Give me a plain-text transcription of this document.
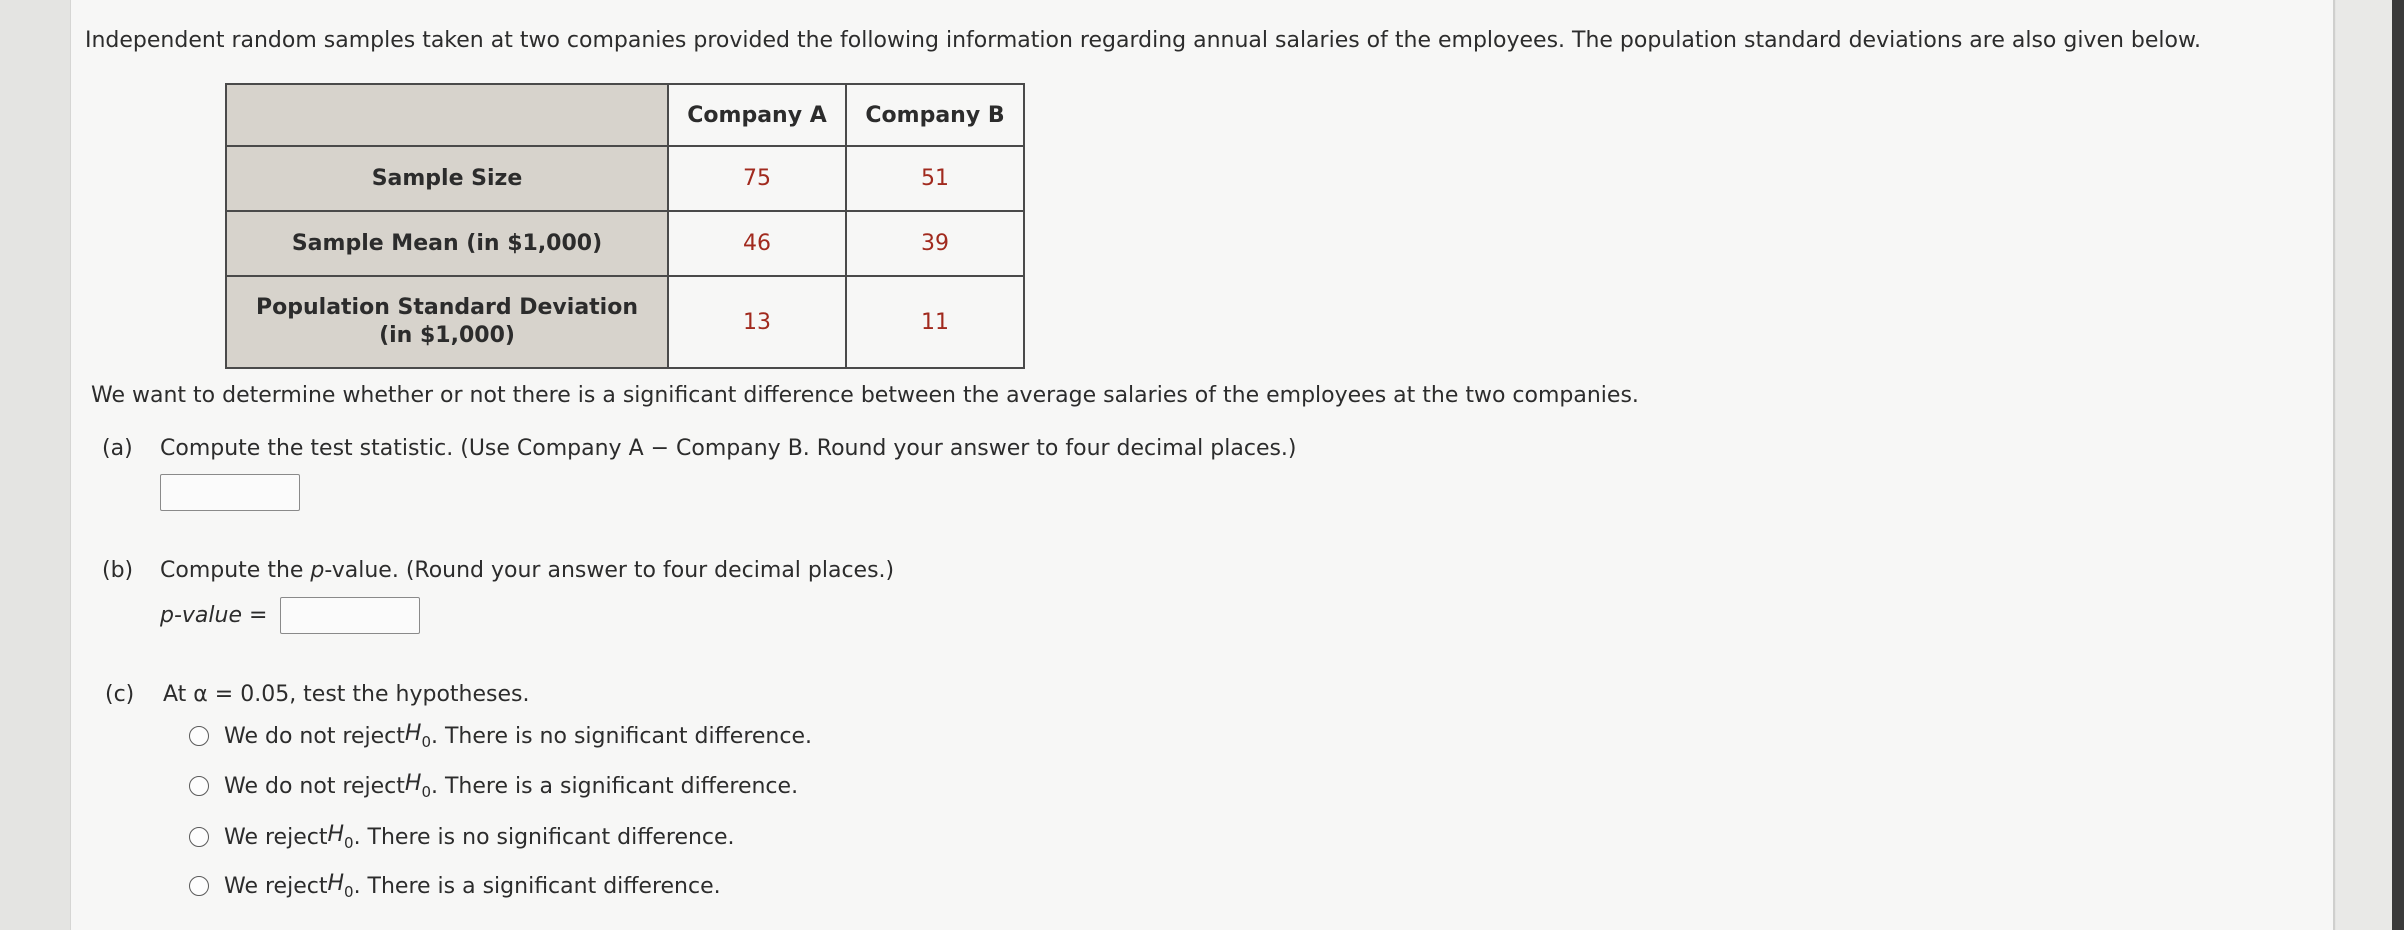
Independent random samples taken at two companies provided the following information regarding annual salaries of the employees. The population standard deviations are also given below.
	Company A	Company B
Sample Size	75	51
Sample Mean (in $1,000)	46	39
Population Standard Deviation (in $1,000)	13	11
We want to determine whether or not there is a significant difference between the average salaries of the employees at the two companies.
(a) Compute the test statistic. (Use Company A − Company B. Round your answer to four decimal places.)
(b) Compute the p-value. (Round your answer to four decimal places.)
p-value =
(c) At α = 0.05, test the hypotheses.
We do not reject $H_0$ . There is no significant difference.
We do not reject $H_0$ . There is a significant difference.
We reject $H_0$ . There is no significant difference.
We reject $H_0$ . There is a significant difference.
